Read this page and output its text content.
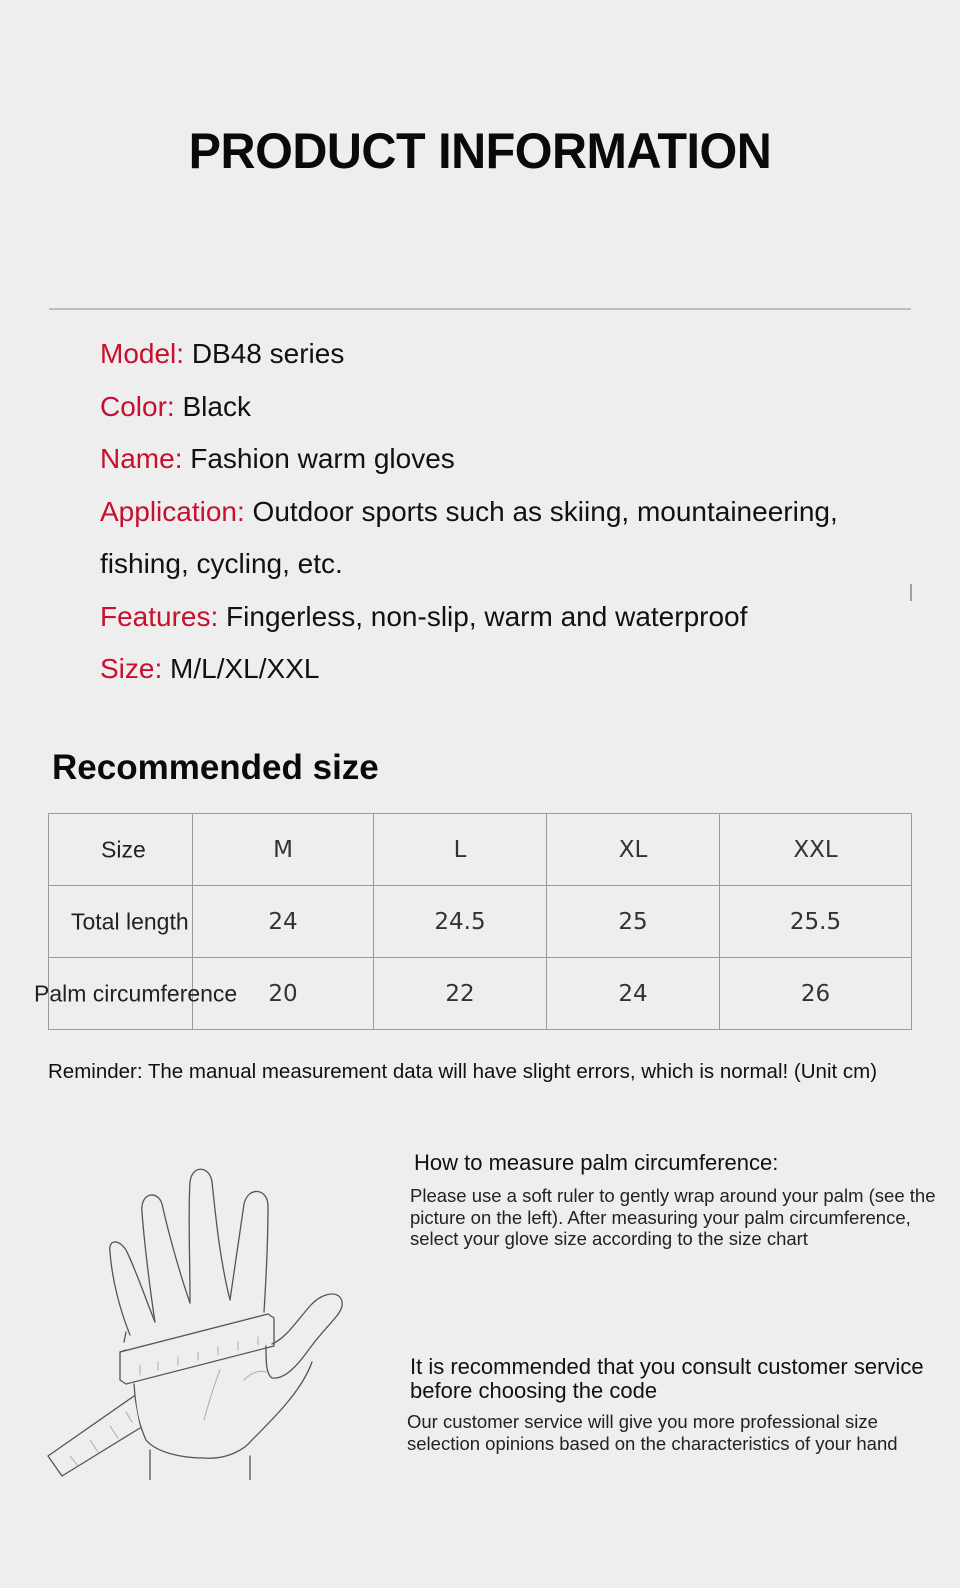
PRODUCT INFORMATION
Model: DB48 series
Color: Black
Name: Fashion warm gloves
Application: Outdoor sports such as skiing, mountaineering,
fishing, cycling, etc.
Features: Fingerless, non-slip, warm and waterproof
Size: M/L/XL/XXL
Recommended size
Size	M	L	XL	XXL

Total length	24	24.5	25	25.5

Palm circumference	20	22	24	26
Reminder: The manual measurement data will have slight errors, which is normal! (Unit cm)
How to measure palm circumference:
Please use a soft ruler to gently wrap around your palm (see the picture on the left). After measuring your palm circumference, select your glove size according to the size chart
It is recommended that you consult customer service before choosing the code
Our customer service will give you more professional size selection opinions based on the characteristics of your hand
